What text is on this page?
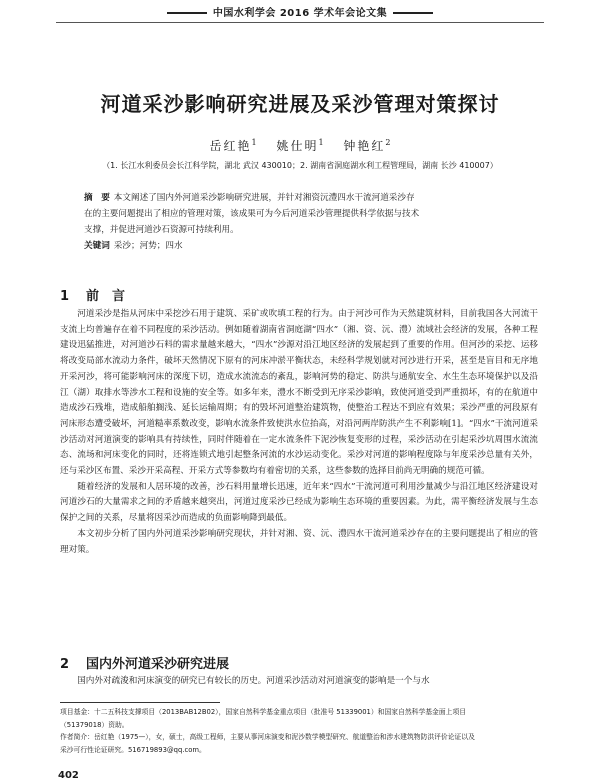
中国水利学会 2016 学术年会论文集
河道采沙影响研究进展及采沙管理对策探讨
岳红艳$^1$ 　 姚仕明$^1$ 　 钟艳红$^2$
（1. 长江水利委员会长江科学院，湖北 武汉 430010；2. 湖南省洞庭湖水利工程管理局，湖南 长沙 410007）
摘　要 本文阐述了国内外河道采沙影响研究进展，并针对湘资沅澧四水干流河道采沙存
在的主要问题提出了相应的管理对策，该成果可为今后河道采沙管理提供科学依据与技术
支撑，并促进河道沙石资源可持续利用。
关键词 采沙；河势；四水
1 前　言

河道采沙是指从河床中采挖沙石用于建筑、采矿或吹填工程的行为。由于河沙可作为天然建筑材料，目前我国各大河流干支流上均普遍存在着不同程度的采沙活动。例如随着湖南省洞庭湖“四水”（湘、资、沅、澧）流域社会经济的发展，各种工程建设迅猛推进，对河道沙石料的需求量越来越大，“四水”沙源对沿江地区经济的发展起到了重要的作用。但河沙的采挖、运移将改变局部水流动力条件，破坏天然情况下原有的河床冲淤平衡状态，未经科学规划就对河沙进行开采，甚至是盲目和无序地开采河沙，将可能影响河床的深度下切，造成水流流态的紊乱，影响河势的稳定、防洪与通航安全、水生生态环境保护以及沿江（湖）取排水等涉水工程和设施的安全等。如多年来，澧水不断受到无序采沙影响，致使河道受到严重损坏，有的在航道中造成沙石残堆，造成船舶搁浅、延长运输周期；有的毁坏河道整治建筑物，使整治工程达不到应有效果；采沙严重的河段原有河床形态遭受破坏，河道糙率系数改变，影响水流条件致使洪水位抬高，对沿河两岸防洪产生不利影响[1]。“四水”干流河道采沙活动对河道演变的影响具有持续性，同时伴随着在一定水流条件下泥沙恢复变形的过程，采沙活动在引起采沙坑周围水流流态、流场和河床变化的同时，还将连锁式地引起整条河流的水沙运动变化。采沙对河道的影响程度除与年度采沙总量有关外，还与采沙区布置、采沙开采高程、开采方式等参数均有着密切的关系，这些参数的选择目前尚无明确的规范可循。

随着经济的发展和人居环境的改善，沙石料用量增长迅速，近年来“四水”干流河道可利用沙量减少与沿江地区经济建设对河道沙石的大量需求之间的矛盾越来越突出，河道过度采沙已经成为影响生态环境的重要因素。为此，需平衡经济发展与生态保护之间的关系，尽量将因采沙而造成的负面影响降到最低。

本文初步分析了国内外河道采沙影响研究现状，并针对湘、资、沅、澧四水干流河道采沙存在的主要问题提出了相应的管理对策。

2 国内外河道采沙研究进展

国内外对疏浚和河床演变的研究已有较长的历史。河道采沙活动对河道演变的影响是一个与水

项目基金：十二五科技支撑项目（2013BAB12B02），国家自然科学基金重点项目（批准号 51339001）和国家自然科学基金面上项目
（51379018）资助。
作者简介：岳红艳（1975—），女，硕士，高级工程师，主要从事河床演变和泥沙数学模型研究、航道整治和涉水建筑物防洪评价论证以及
采沙可行性论证研究。516719893@qq.com。
402
